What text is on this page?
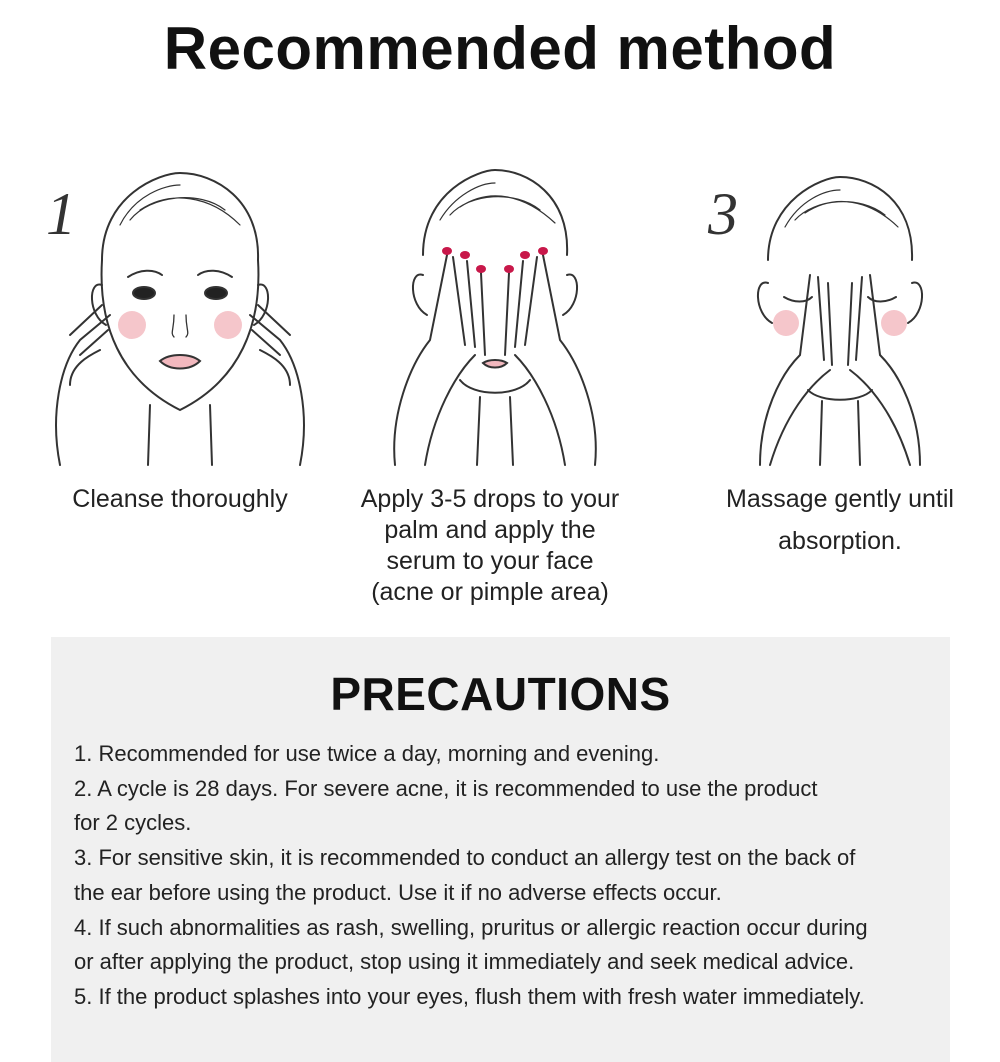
Recommended method
1
Cleanse thoroughly	Apply 3-5 drops to your
palm and apply the
serum to your face
(acne or pimple area)
3
Massage gently until
absorption.
PRECAUTIONS
1. Recommended for use twice a day, morning and evening.
2. A cycle is 28 days. For severe acne, it is recommended to use the product
for 2 cycles.
3. For sensitive skin, it is recommended to conduct an allergy test on the back of
the ear before using the product. Use it if no adverse effects occur.
4. If such abnormalities as rash, swelling, pruritus or allergic reaction occur during
or after applying the product, stop using it immediately and seek medical advice.
5. If the product splashes into your eyes, flush them with fresh water immediately.
